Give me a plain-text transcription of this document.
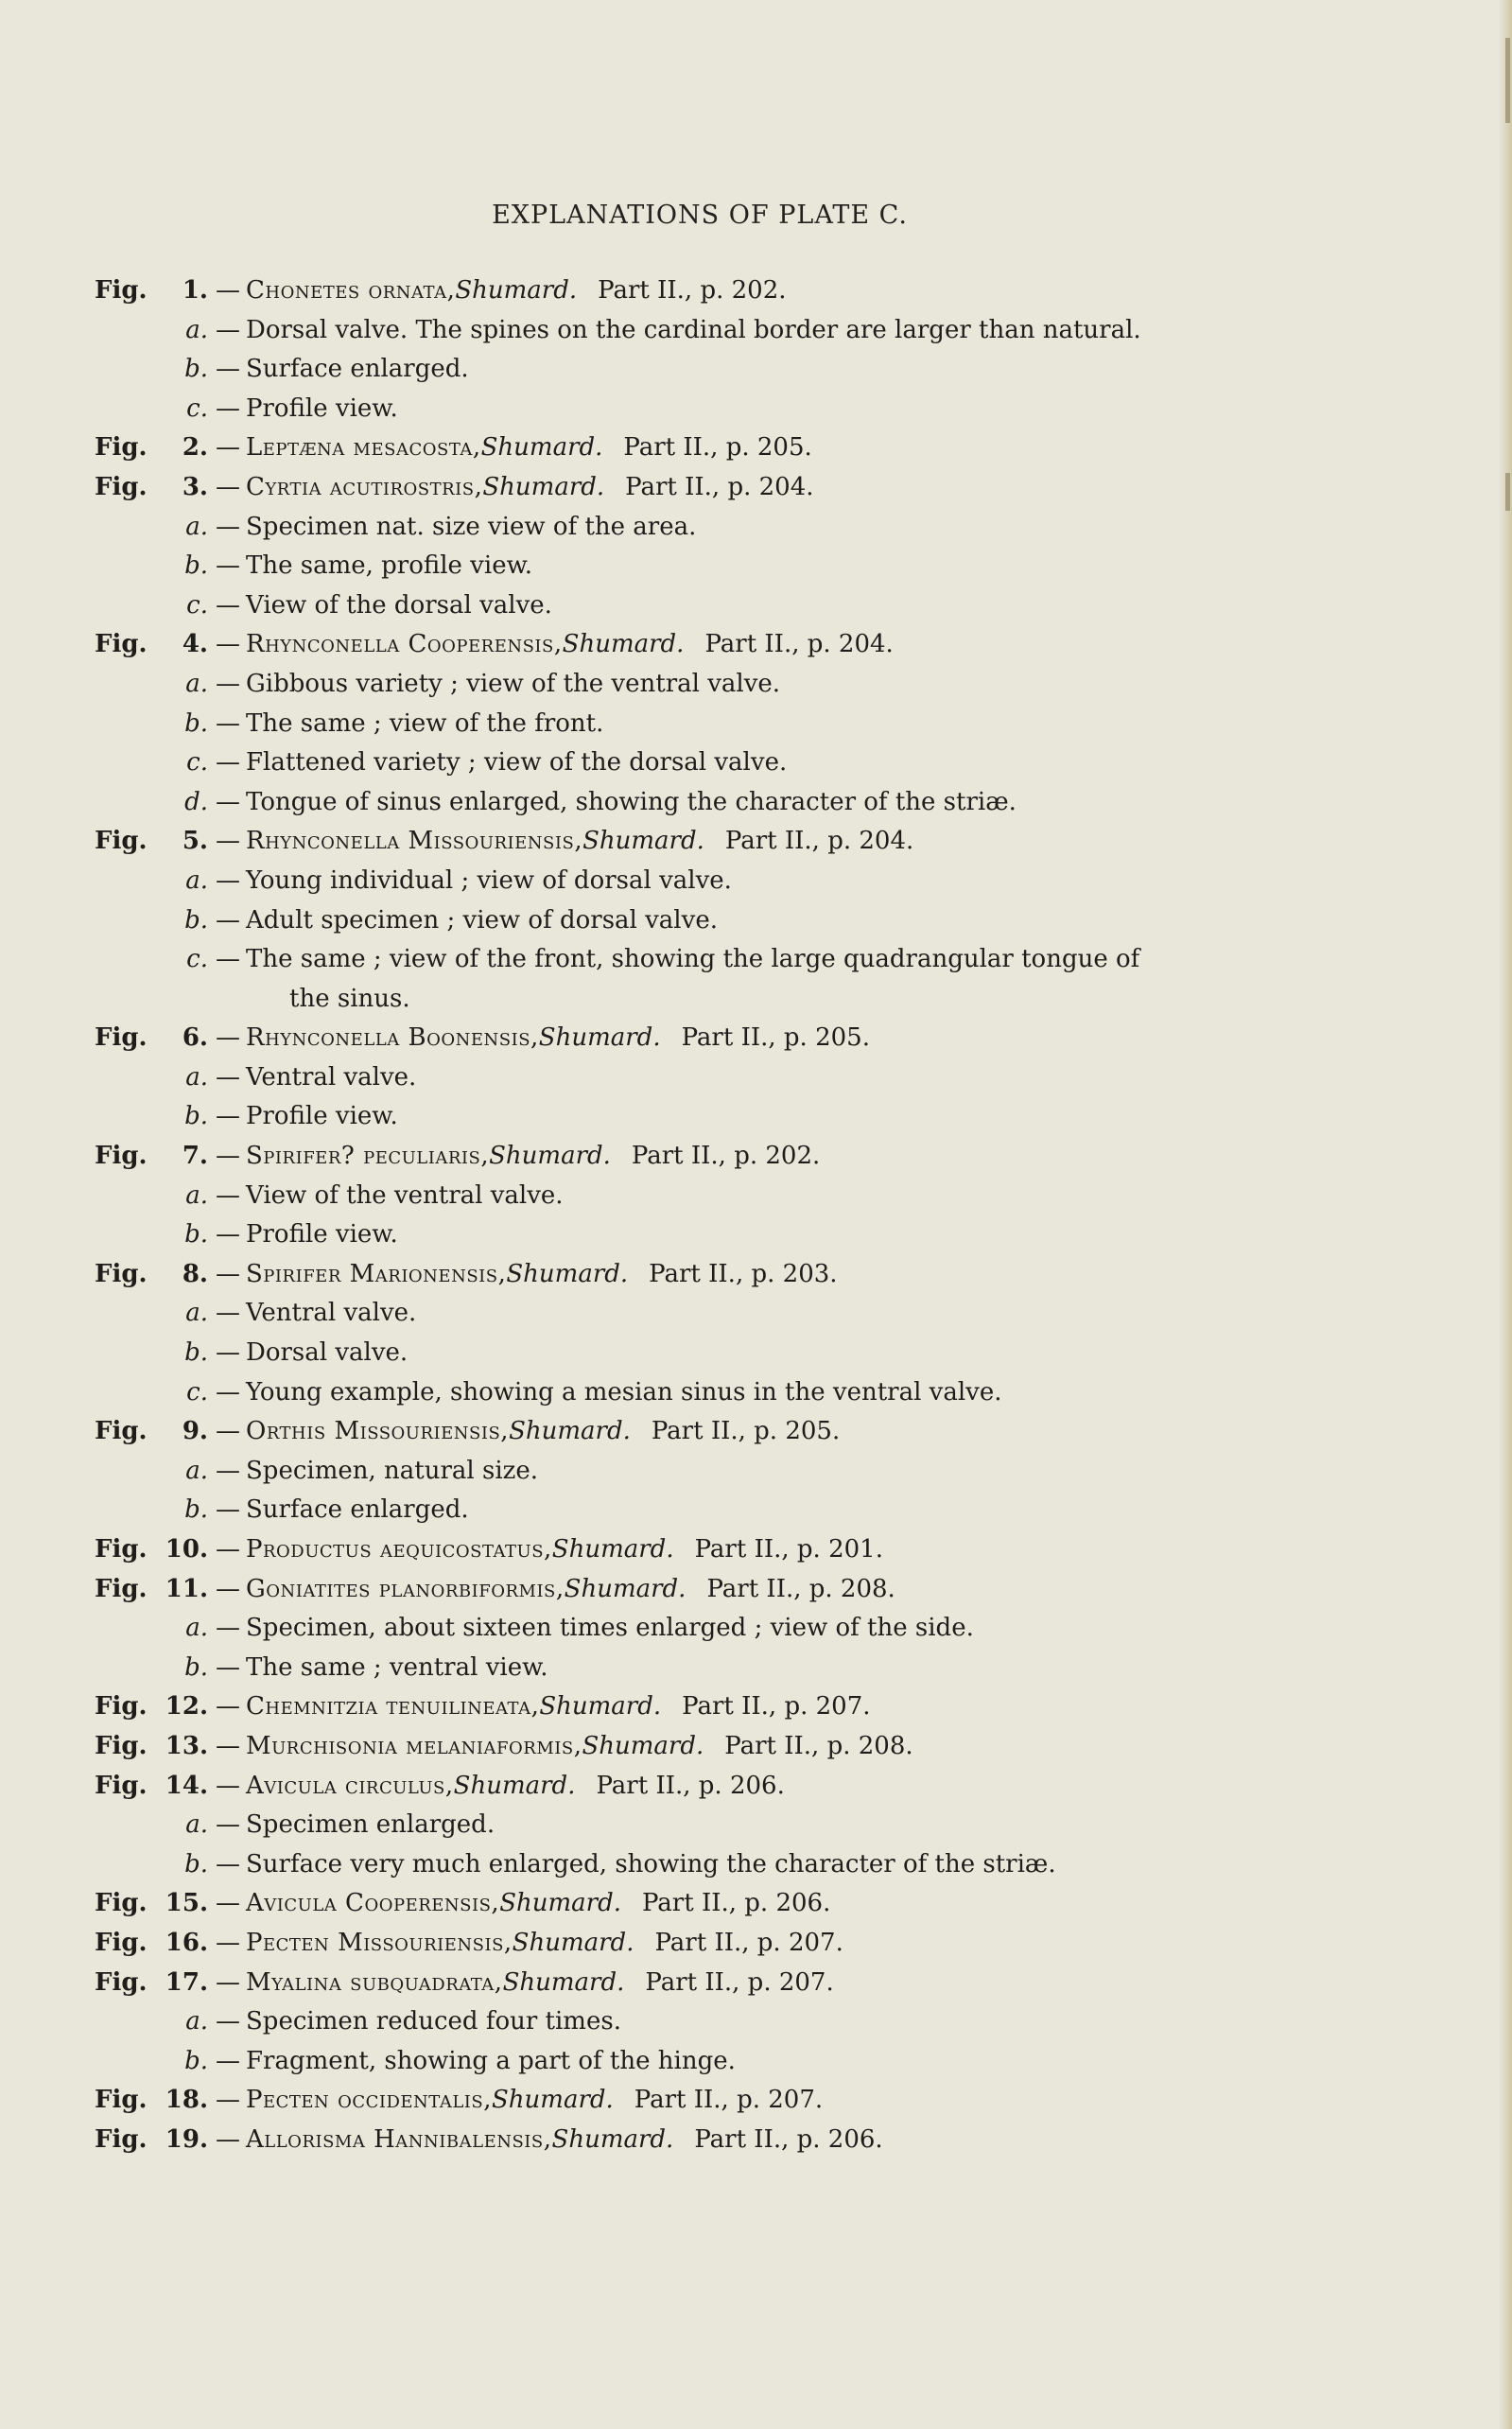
EXPLANATIONS OF PLATE C.
Fig.	1. — Chonetes ornata, Shumard. Part II., p. 202.
a. — Dorsal valve. The spines on the cardinal border are larger than natural.
b. — Surface enlarged.
c. — Profile view.
Fig.	2. — Leptæna mesacosta, Shumard. Part II., p. 205.
Fig.	3. — Cyrtia acutirostris, Shumard. Part II., p. 204.
a. — Specimen nat. size view of the area.
b. — The same, profile view.
c. — View of the dorsal valve.
Fig.	4. — Rhynconella Cooperensis, Shumard. Part II., p. 204.
a. — Gibbous variety ; view of the ventral valve.
b. — The same ; view of the front.
c. — Flattened variety ; view of the dorsal valve.
d. — Tongue of sinus enlarged, showing the character of the striæ.
Fig.	5. — Rhynconella Missouriensis, Shumard. Part II., p. 204.
a. — Young individual ; view of dorsal valve.
b. — Adult specimen ; view of dorsal valve.
c. — The same ; view of the front, showing the large quadrangular tongue of
the sinus.
Fig.	6. — Rhynconella Boonensis, Shumard. Part II., p. 205.
a. — Ventral valve.
b. — Profile view.
Fig.	7. — Spirifer? peculiaris, Shumard. Part II., p. 202.
a. — View of the ventral valve.
b. — Profile view.
Fig.	8. — Spirifer Marionensis, Shumard. Part II., p. 203.
a. — Ventral valve.
b. — Dorsal valve.
c. — Young example, showing a mesian sinus in the ventral valve.
Fig.	9. — Orthis Missouriensis, Shumard. Part II., p. 205.
a. — Specimen, natural size.
b. — Surface enlarged.
Fig. 10. — Productus aequicostatus, Shumard. Part II., p. 201.
Fig. 11. — Goniatites planorbiformis, Shumard. Part II., p. 208.
a. — Specimen, about sixteen times enlarged ; view of the side.
b. — The same ; ventral view.
Fig. 12. — Chemnitzia tenuilineata, Shumard. Part II., p. 207.
Fig. 13. — Murchisonia melaniaformis, Shumard. Part II., p. 208.
Fig. 14. — Avicula circulus, Shumard. Part II., p. 206.
a. — Specimen enlarged.
b. — Surface very much enlarged, showing the character of the striæ.
Fig. 15. — Avicula Cooperensis, Shumard. Part II., p. 206.
Fig. 16. — Pecten Missouriensis, Shumard. Part II., p. 207.
Fig. 17. — Myalina subquadrata, Shumard. Part II., p. 207.
a. — Specimen reduced four times.
b. — Fragment, showing a part of the hinge.
Fig. 18. — Pecten occidentalis, Shumard. Part II., p. 207.
Fig. 19. — Allorisma Hannibalensis, Shumard. Part II., p. 206.
